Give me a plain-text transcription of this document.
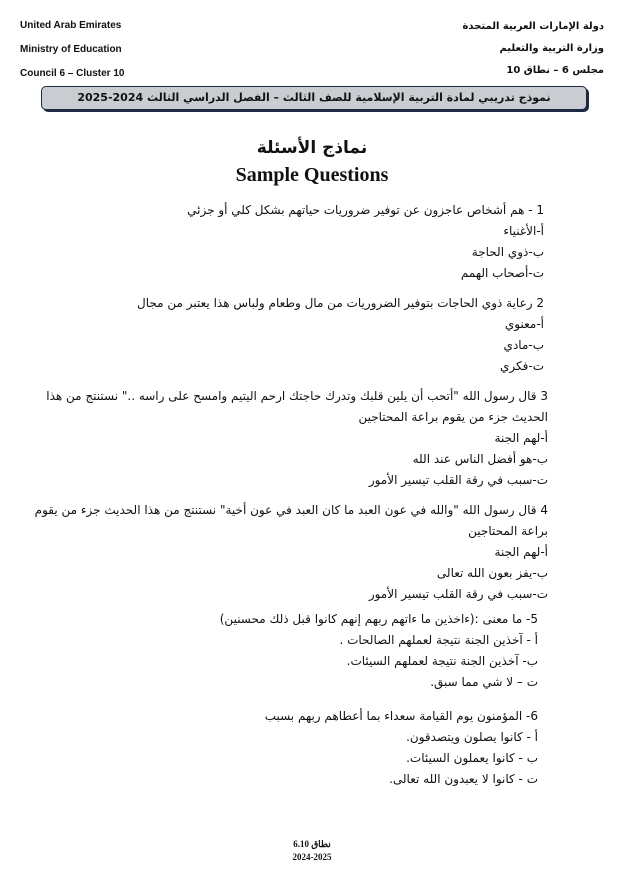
United Arab Emirates
Ministry of Education
Council 6 – Cluster 10
دولة الإمارات العربية المتحدة
وزارة التربية والتعليم
مجلس 6 – نطاق 10
نموذج تدريبي لمادة التربية الإسلامية للصف الثالث – الفصل الدراسي الثالث 2024-2025
نماذج الأسئلة
Sample Questions
1 - هم أشخاص عاجزون عن توفير ضروريات حياتهم بشكل كلي أو جزئي
أ-الأغنياء
ب-ذوي الحاجة
ت-أصحاب الهمم
2 رعاية ذوي الحاجات بتوفير الضروريات من مال وطعام ولباس هذا يعتبر من مجال
أ-معنوي
ب-مادي
ت-فكري
3 قال رسول الله "أتحب أن يلين قلبك وتدرك حاجتك ارحم اليتيم وامسح على راسه .." نستنتج من هذا الحديث جزء من يقوم براعة المحتاجين
أ-لهم الجنة
ب-هو أفضل الناس عند الله
ت-سبب في رقة القلب تيسير الأمور
4 قال رسول الله "والله في عون العبد ما كان العبد في عون أخية" نستنتج من هذا الحديث جزء من يقوم براعة المحتاجين
أ-لهم الجنة
ب-يفز بعون الله تعالى
ت-سبب في رقة القلب تيسير الأمور
5- ما معنى :(ءاخذين ما ءاتهم ربهم إنهم كانوا قبل ذلك محسنين)
أ - آخذين الجنة نتيجة لعملهم الصالحات .
ب- آخذين الجنة نتيجة لعملهم السيئات.
ت – لا شي مما سبق.
6- المؤمنون يوم القيامة سعداء بما أعطاهم ربهم بسبب
أ - كانوا يصلون ويتصدقون.
ب - كانوا يعملون السيئات.
ت - كانوا لا يعبدون الله تعالى.
نطاق 6.10
2024-2025
